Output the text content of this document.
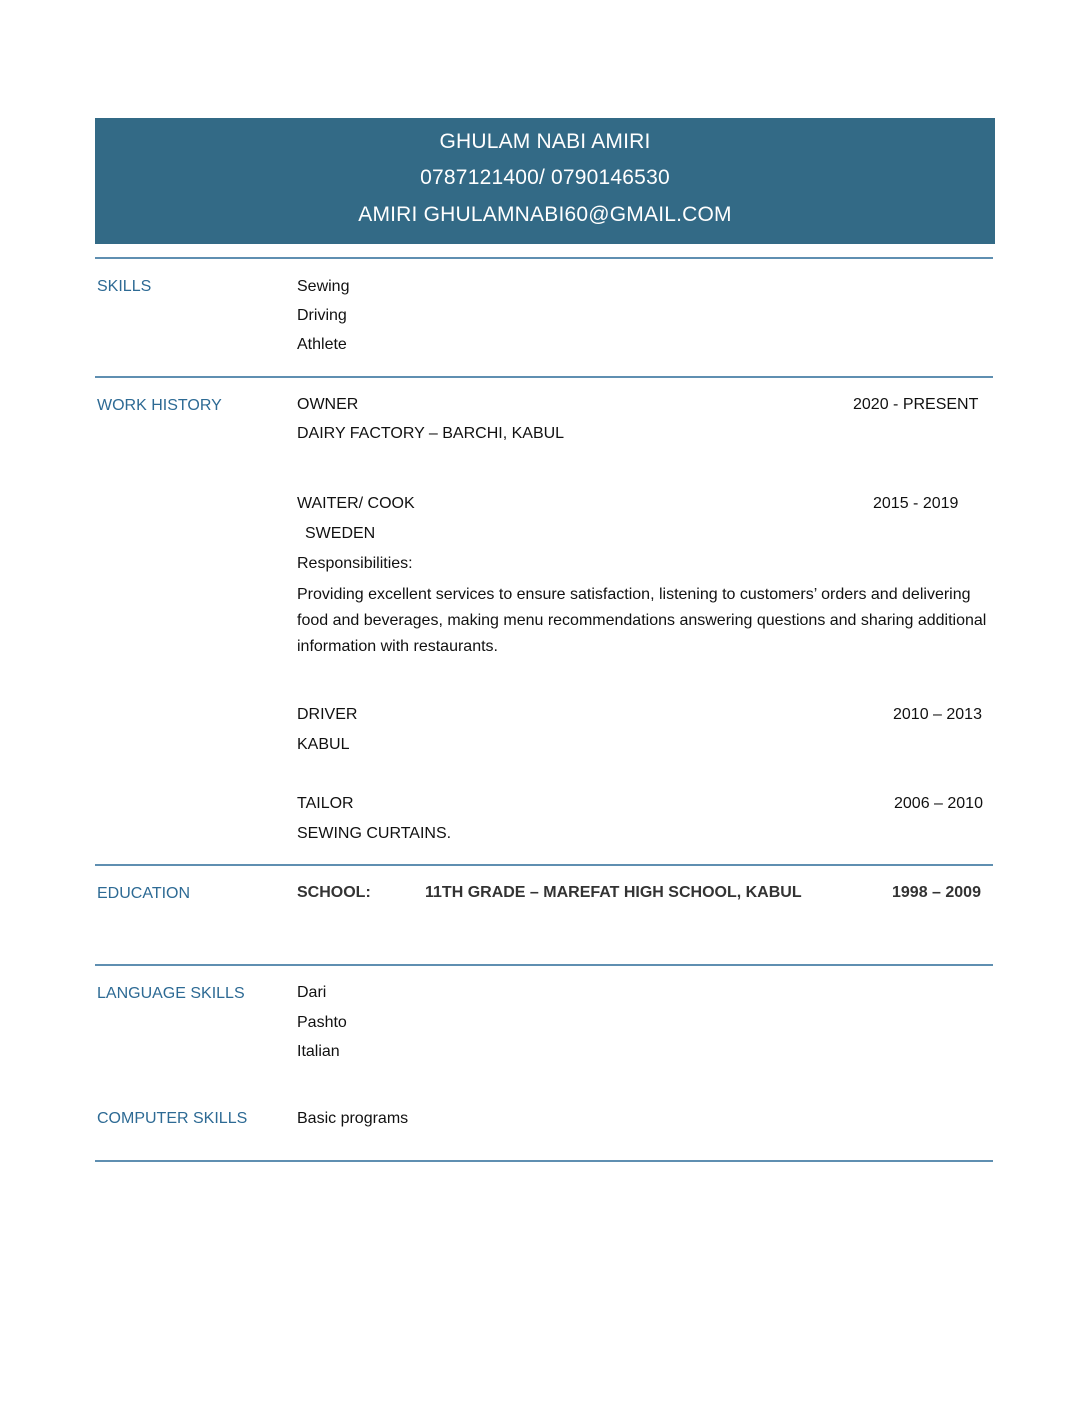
GHULAM NABI AMIRI
0787121400/ 0790146530
AMIRI GHULAMNABI60@GMAIL.COM
SKILLS	Sewing
Driving
Athlete
WORK HISTORY	OWNER	2020 - PRESENT
DAIRY FACTORY – BARCHI, KABUL
WAITER/ COOK	2015 - 2019
SWEDEN
Responsibilities:
Providing excellent services to ensure satisfaction, listening to customers’ orders and delivering food and beverages, making menu recommendations answering questions and sharing additional information with restaurants.
DRIVER	2010 – 2013
KABUL
TAILOR	2006 – 2010
SEWING CURTAINS.
EDUCATION	SCHOOL:	11TH GRADE – MAREFAT HIGH SCHOOL, KABUL	1998 – 2009
LANGUAGE SKILLS	Dari
Pashto
Italian
COMPUTER SKILLS	Basic programs
